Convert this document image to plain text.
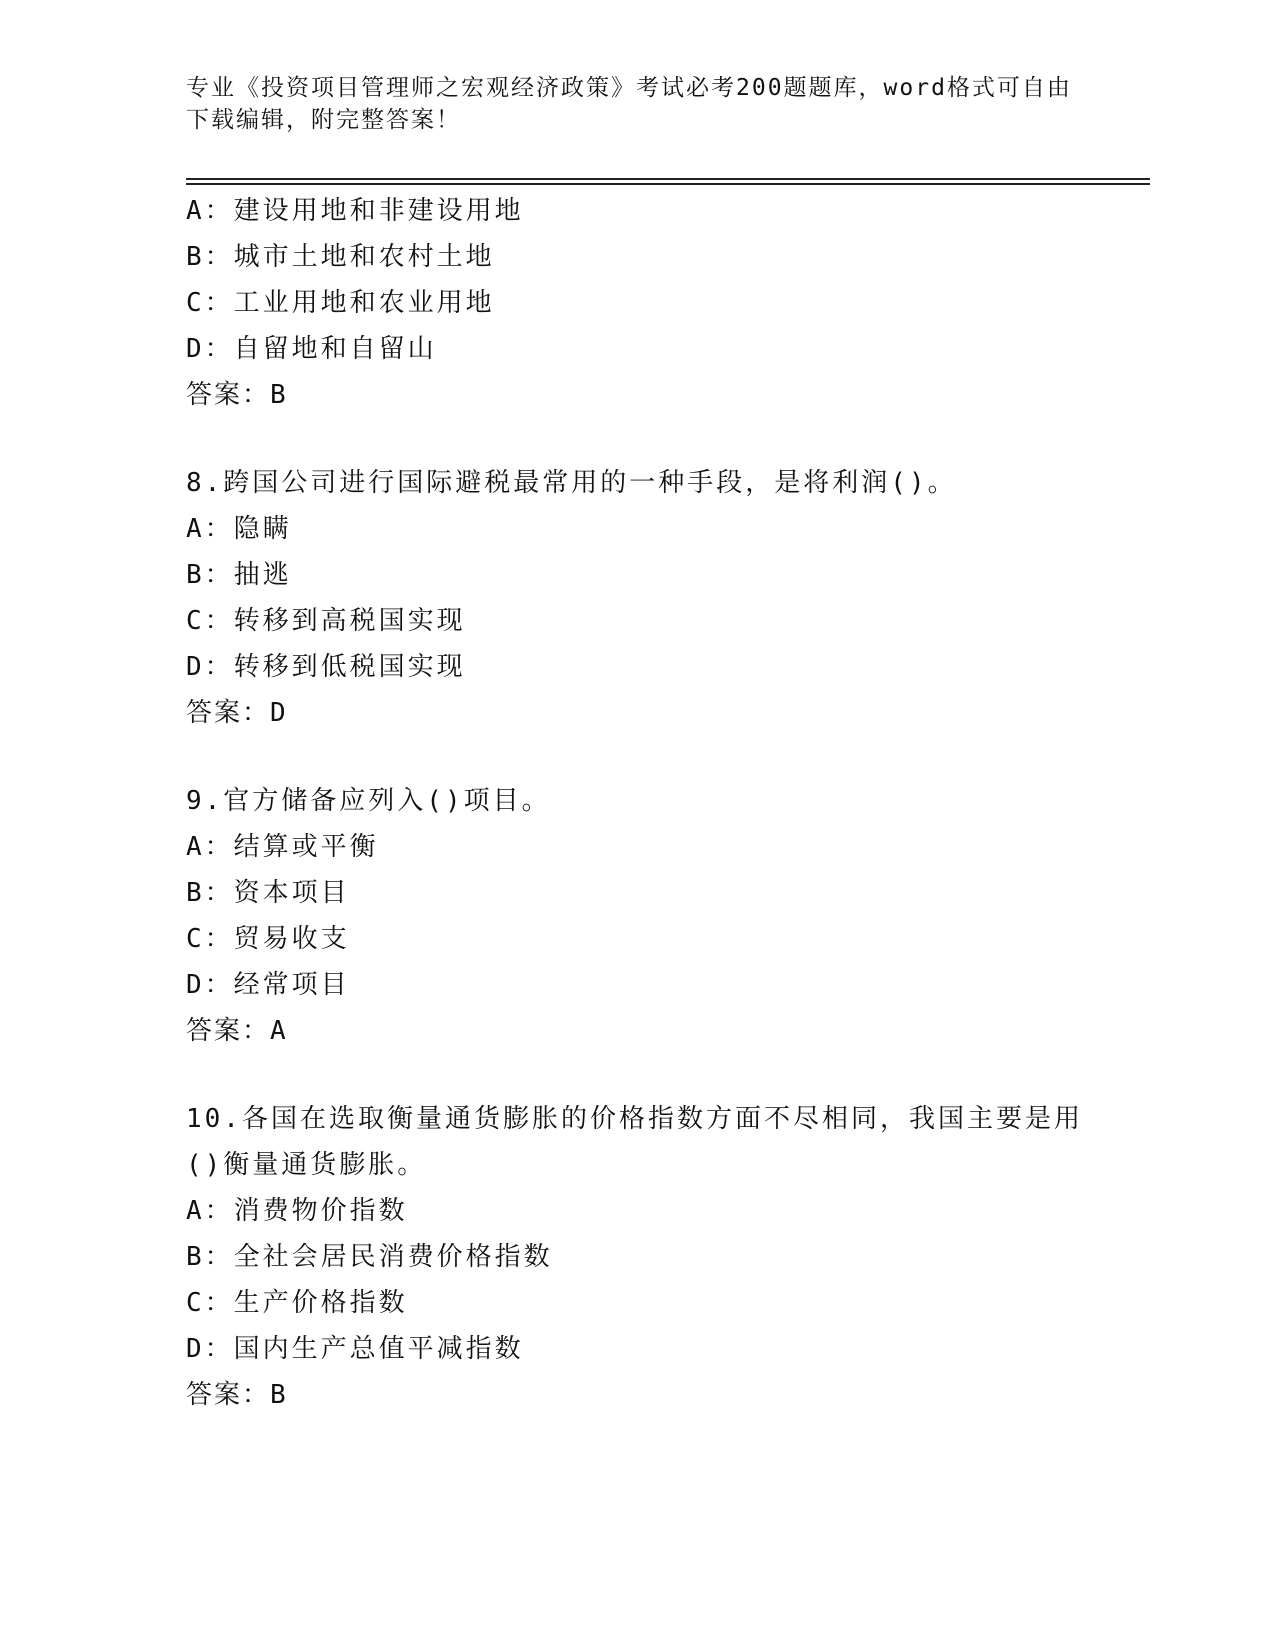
专业《投资项目管理师之宏观经济政策》考试必考200题题库，word格式可自由
下载编辑，附完整答案！
A：建设用地和非建设用地
B：城市土地和农村土地
C：工业用地和农业用地
D：自留地和自留山
答案：B
8.跨国公司进行国际避税最常用的一种手段，是将利润()。
A：隐瞒
B：抽逃
C：转移到高税国实现
D：转移到低税国实现
答案：D
9.官方储备应列入()项目。
A：结算或平衡
B：资本项目
C：贸易收支
D：经常项目
答案：A
10.各国在选取衡量通货膨胀的价格指数方面不尽相同，我国主要是用
()衡量通货膨胀。
A：消费物价指数
B：全社会居民消费价格指数
C：生产价格指数
D：国内生产总值平减指数
答案：B
